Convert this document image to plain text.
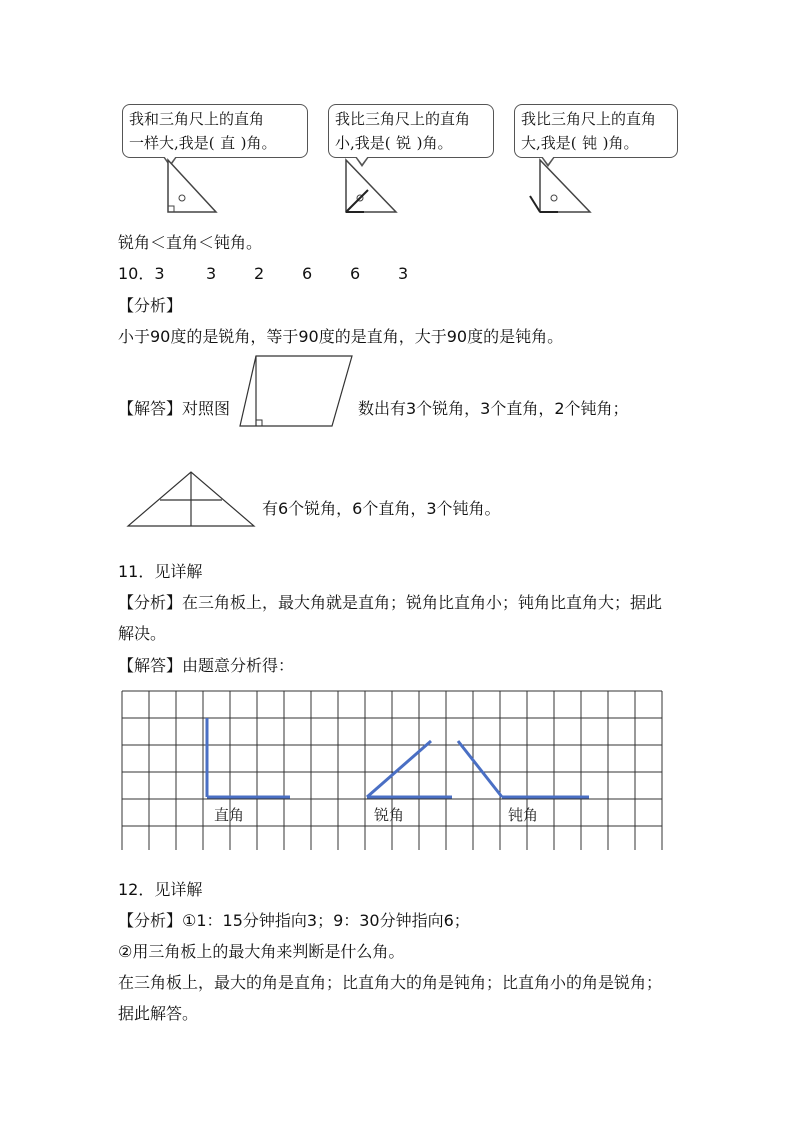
我和三角尺上的直角
一样大,我是( 直 )角。
我比三角尺上的直角
小,我是( 锐 )角。
我比三角尺上的直角
大,我是( 钝 )角。
锐角＜直角＜钝角。
10．3	3 2 6 6 3
【分析】
小于90度的是锐角，等于90度的是直角，大于90度的是钝角。
【解答】对照图	数出有3个锐角，3个直角，2个钝角；
有6个锐角，6个直角，3个钝角。
11．见详解
【分析】在三角板上，最大角就是直角；锐角比直角小；钝角比直角大；据此
解决。
【解答】由题意分析得：
直角	锐角	钝角
12．见详解
【分析】①1：15分钟指向3；9：30分钟指向6；
②用三角板上的最大角来判断是什么角。
在三角板上，最大的角是直角；比直角大的角是钝角；比直角小的角是锐角；
据此解答。
